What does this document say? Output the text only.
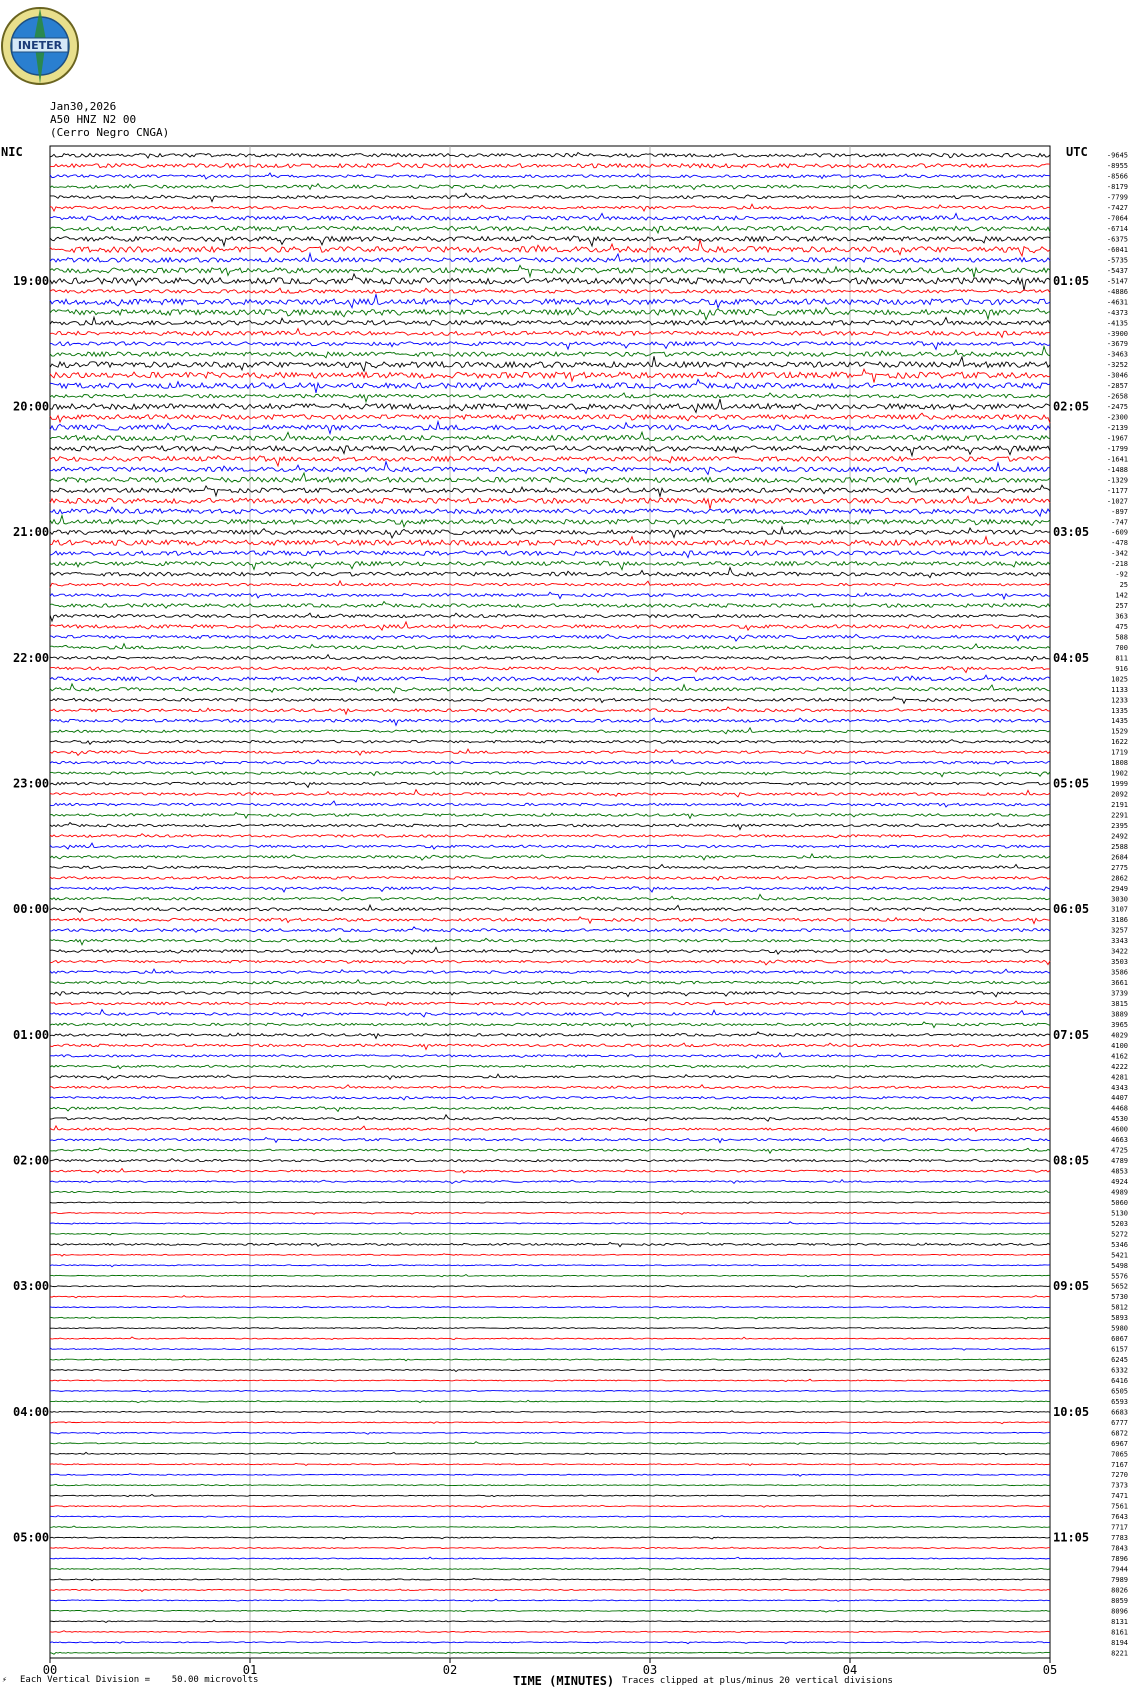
INETER
Jan30,2026
A50 HNZ N2 00
(Cerro Negro CNGA)
NIC	UTC
00	01	02	03	04	05
-9645
19:00	01:05
-8955
-8566
-8179
-7799
-7427
-7064
-6714
-6375
-6041
-5735
-5437
-5147
20:00	02:05
-4886
-4631
-4373
-4135
-3900
-3679
-3463
-3252
-3046
-2857
-2658
-2475
21:00	03:05
-2300
-2139
-1967
-1799
-1641
-1488
-1329
-1177
-1027
-897
-747
-609
22:00	04:05
-478
-342
-218
-92
25
142
257
363
475
588
700
811
23:00	05:05
916
1025
1133
1233
1335
1435
1529
1622
1719
1808
1902
1999
00:00	06:05
2092
2191
2291
2395
2492
2588
2684
2775
2862
2949
3030
3107
01:00	07:05
3186
3257
3343
3422
3503
3586
3661
3739
3815
3889
3965
4029
02:00	08:05
4100
4162
4222
4281
4343
4407
4468
4530
4600
4663
4725
4789
03:00	09:05
4853
4924
4989
5060
5130
5203
5272
5346
5421
5498
5576
5652
04:00	10:05
5730
5812
5893
5980
6067
6157
6245
6332
6416
6505
6593
6683
05:00	11:05
6777
6872
6967
7065
7167
7270
7373
7471
7561
7643
7717
7783
7843
7896
7944
7989
8026
8059
8096
8131
8161
8194
8221
⚡ Each Vertical Division =    50.00 microvolts	TIME (MINUTES) Traces clipped at plus/minus 20 vertical divisions
